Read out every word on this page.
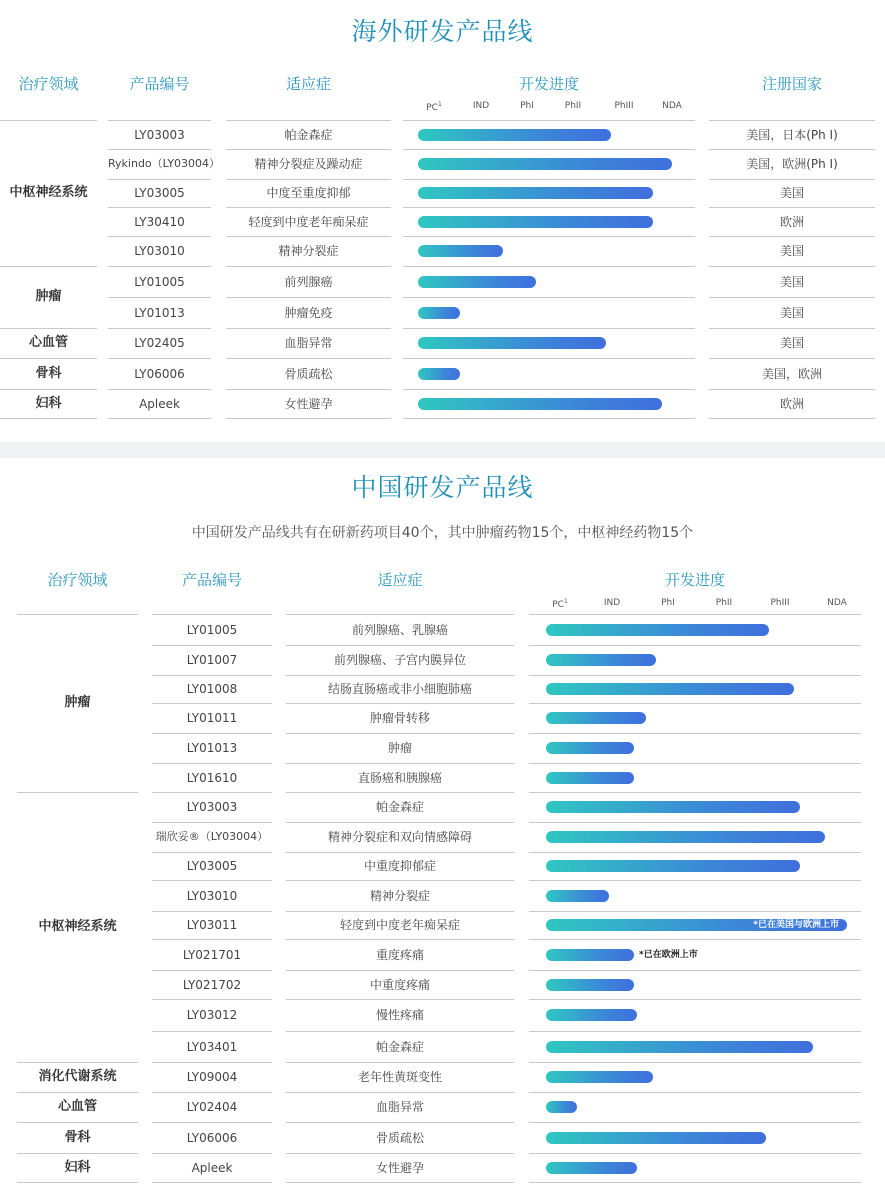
海外研发产品线
治疗领域	产品编号	适应症	开发进度	注册国家
$PC^1$	IND	PhI	PhII	PhIII	NDA
中枢神经系统
LY03003	帕金森症	美国，日本(Ph I)
Rykindo（LY03004）	精神分裂症及躁动症	美国，欧洲(Ph I)
LY03005	中度至重度抑郁	美国
LY30410	轻度到中度老年痴呆症	欧洲
LY03010	精神分裂症	美国
肿瘤
LY01005	前列腺癌	美国
LY01013	肿瘤免疫	美国
心血管	LY02405	血脂异常	美国
骨科	LY06006	骨质疏松	美国，欧洲
妇科	Apleek	女性避孕	欧洲
中国研发产品线
中国研发产品线共有在研新药项目40个，其中肿瘤药物15个，中枢神经药物15个
治疗领域	产品编号	适应症	开发进度
$PC^1$	IND	PhI	PhII	PhIII	NDA
肿瘤
LY01005	前列腺癌、乳腺癌
LY01007	前列腺癌、子宫内膜异位
LY01008	结肠直肠癌或非小细胞肺癌
LY01011	肿瘤骨转移
LY01013	肿瘤
LY01610	直肠癌和胰腺癌
中枢神经系统
LY03003	帕金森症
瑞欣妥®（LY03004）	精神分裂症和双向情感障碍
LY03005	中重度抑郁症
LY03010	精神分裂症
LY03011	轻度到中度老年痴呆症	*已在美国与欧洲上市
LY021701	重度疼痛	*已在欧洲上市
LY021702	中重度疼痛
LY03012	慢性疼痛
LY03401	帕金森症
消化代谢系统	LY09004	老年性黄斑变性
心血管	LY02404	血脂异常
骨科	LY06006	骨质疏松
妇科	Apleek	女性避孕
